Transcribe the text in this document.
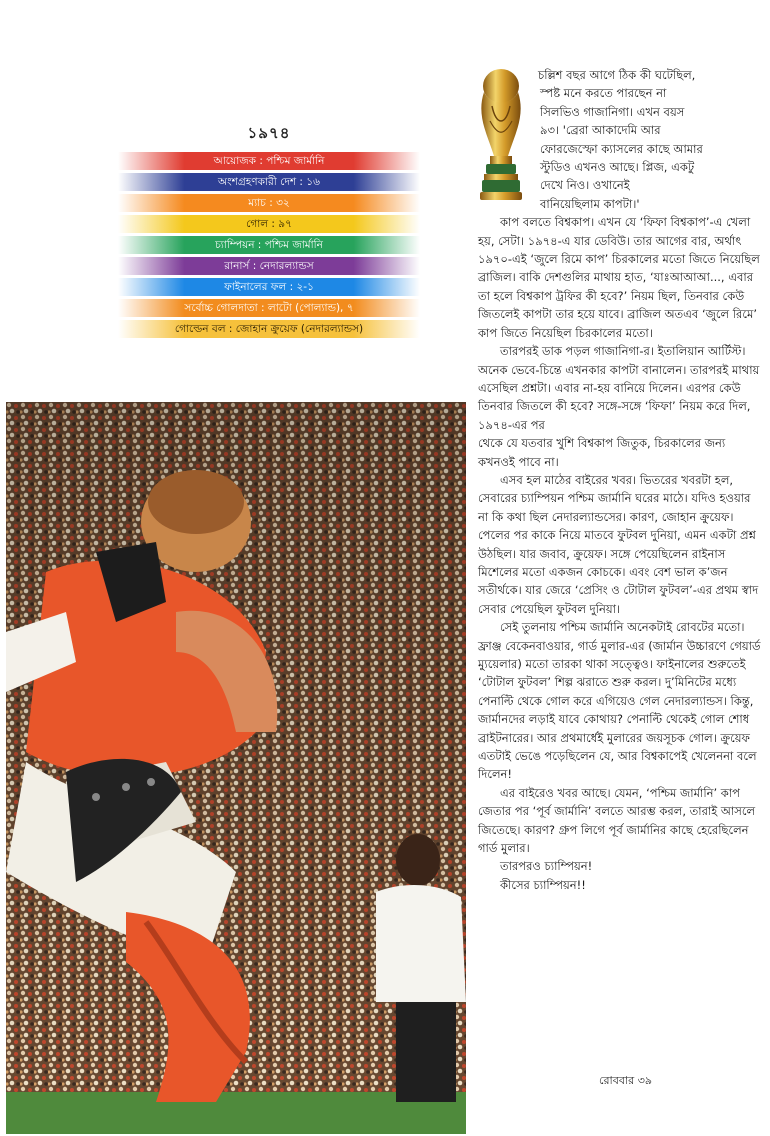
১৯৭৪
আয়োজক : পশ্চিম জার্মানি
অংশগ্রহণকারী দেশ : ১৬
ম্যাচ : ৩২
গোল : ৯৭
চ্যাম্পিয়ন : পশ্চিম জার্মানি
রানার্স : নেদারল্যান্ডস
ফাইনালের ফল : ২-১
সর্বোচ্চ গোলদাতা : লাটো (পোল্যান্ড), ৭
গোল্ডেন বল : জোহান ক্রুয়েফ (নেদারল্যান্ডস)

চল্লিশ বছর আগে ঠিক কী ঘটেছিল,

স্পষ্ট মনে করতে পারছেন না

সিলভিও গাজানিগা। এখন বয়স

৯৩। 'ব্রেরা আকাদেমি আর

ফোরজেস্ফো ক্যাসলের কাছে আমার

স্টুডিও এখনও আছে। প্লিজ, একটু

দেখে নিও। ওখানেই

বানিয়েছিলাম কাপটা।'

কাপ বলতে বিশ্বকাপ। এখন যে ‘ফিফা বিশ্বকাপ’-এ খেলা হয়, সেটা। ১৯৭৪-এ যার ডেবিউ। তার আগের বার, অর্থাৎ ১৯৭০-এই ‘জুলে রিমে কাপ’ চিরকালের মতো জিতে নিয়েছিল ব্রাজিল। বাকি দেশগুলির মাথায় হাত, ‘যাঃআআআ..., এবার তা হলে বিশ্বকাপ ট্রফির কী হবে?’ নিয়ম ছিল, তিনবার কেউ জিতলেই কাপটা তার হয়ে যাবে। ব্রাজিল অতএব ‘জুলে রিমে’ কাপ জিতে নিয়েছিল চিরকালের মতো।

তারপরই ডাক পড়ল গাজানিগা-র। ইতালিয়ান আর্টিস্ট। অনেক ভেবে-চিন্তে এখনকার কাপটা বানালেন। তারপরই মাথায় এসেছিল প্রশ্নটা। এবার না-হয় বানিয়ে দিলেন। এরপর কেউ তিনবার জিতলে কী হবে? সঙ্গে-সঙ্গে ‘ফিফা’ নিয়ম করে দিল, ১৯৭৪-এর পর

থেকে যে যতবার খুশি বিশ্বকাপ জিতুক, চিরকালের জন্য কখনওই পাবে না।

এসব হল মাঠের বাইরের খবর। ভিতরের খবরটা হল, সেবারের চ্যাম্পিয়ন পশ্চিম জার্মানি ঘরের মাঠে। যদিও হওয়ার না কি কথা ছিল নেদারল্যান্ডসের। কারণ, জোহান ক্রুয়েফ। পেলের পর কাকে নিয়ে মাতবে ফুটবল দুনিয়া, এমন একটা প্রশ্ন উঠছিল। যার জবাব, ক্রুয়েফ। সঙ্গে পেয়েছিলেন রাইনাস মিশেলের মতো একজন কোচকে। এবং বেশ ভাল ক’জন সতীর্থকে। যার জেরে ‘প্রেসিং ও টোটাল ফুটবল’-এর প্রথম স্বাদ সেবার পেয়েছিল ফুটবল দুনিয়া।

সেই তুলনায় পশ্চিম জার্মানি অনেকটাই রোবটের মতো। ফ্রাঞ্জ বেকেনবাওয়ার, গার্ড মুলার-এর (জার্মান উচ্চারণে গেয়ার্ড ম্যুয়েলার) মতো তারকা থাকা সত্ত্বেও। ফাইনালের শুরুতেই ‘টোটাল ফুটবল’ শিল্প ঝরাতে শুরু করল। দু’মিনিটের মধ্যে পেনাল্টি থেকে গোল করে এগিয়েও গেল নেদারল্যান্ডস। কিন্তু, জার্মানদের লড়াই যাবে কোথায়? পেনাল্টি থেকেই গোল শোধ ব্রাইটনারের। আর প্রথমার্ধেই মুলারের জয়সূচক গোল। ক্রুয়েফ এতটাই ভেঙে পড়েছিলেন যে, আর বিশ্বকাপেই খেলেননা বলে দিলেন!

এর বাইরেও খবর আছে। যেমন, ‘পশ্চিম জার্মানি’ কাপ জেতার পর ‘পূর্ব জার্মানি’ বলতে আরম্ভ করল, তারাই আসলে জিতেছে। কারণ? গ্রুপ লিগে পূর্ব জার্মানির কাছে হেরেছিলেন গার্ড মুলার।

তারপরও চ্যাম্পিয়ন!

কীসের চ্যাম্পিয়ন!!

রোববার ৩৯
